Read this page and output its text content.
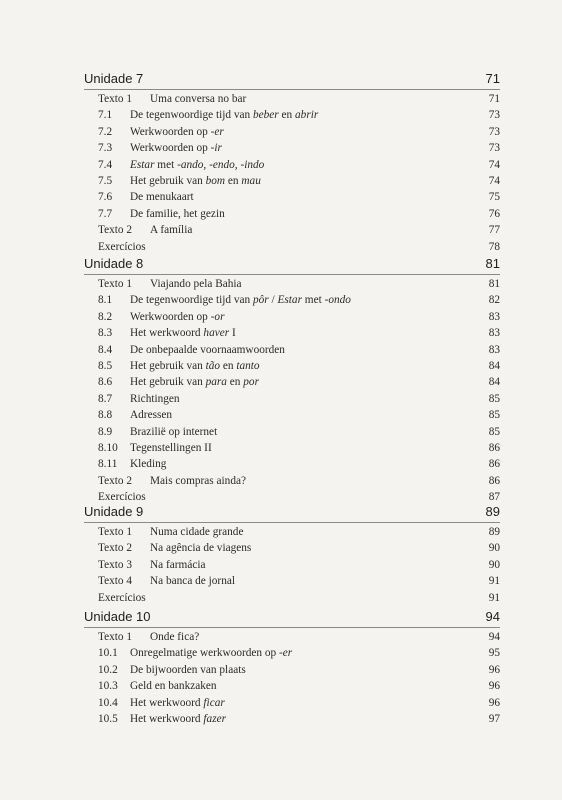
Unidade 7	71
Texto 1	Uma conversa no bar	71
7.1	De tegenwoordige tijd van beber en abrir	73
7.2	Werkwoorden op -er	73
7.3	Werkwoorden op -ir	73
7.4	Estar met -ando, -endo, -indo	74
7.5	Het gebruik van bom en mau	74
7.6	De menukaart	75
7.7	De familie, het gezin	76
Texto 2	A família	77
Exercícios	78
Unidade 8	81
Texto 1	Viajando pela Bahia	81
8.1	De tegenwoordige tijd van pôr / Estar met -ondo	82
8.2	Werkwoorden op -or	83
8.3	Het werkwoord haver I	83
8.4	De onbepaalde voornaamwoorden	83
8.5	Het gebruik van tão en tanto	84
8.6	Het gebruik van para en por	84
8.7	Richtingen	85
8.8	Adressen	85
8.9	Brazilië op internet	85
8.10	Tegenstellingen II	86
8.11	Kleding	86
Texto 2	Mais compras ainda?	86
Exercícios	87
Unidade 9	89
Texto 1	Numa cidade grande	89
Texto 2	Na agência de viagens	90
Texto 3	Na farmácia	90
Texto 4	Na banca de jornal	91
Exercícios	91
Unidade 10	94
Texto 1	Onde fica?	94
10.1	Onregelmatige werkwoorden op -er	95
10.2	De bijwoorden van plaats	96
10.3	Geld en bankzaken	96
10.4	Het werkwoord ficar	96
10.5	Het werkwoord fazer	97
